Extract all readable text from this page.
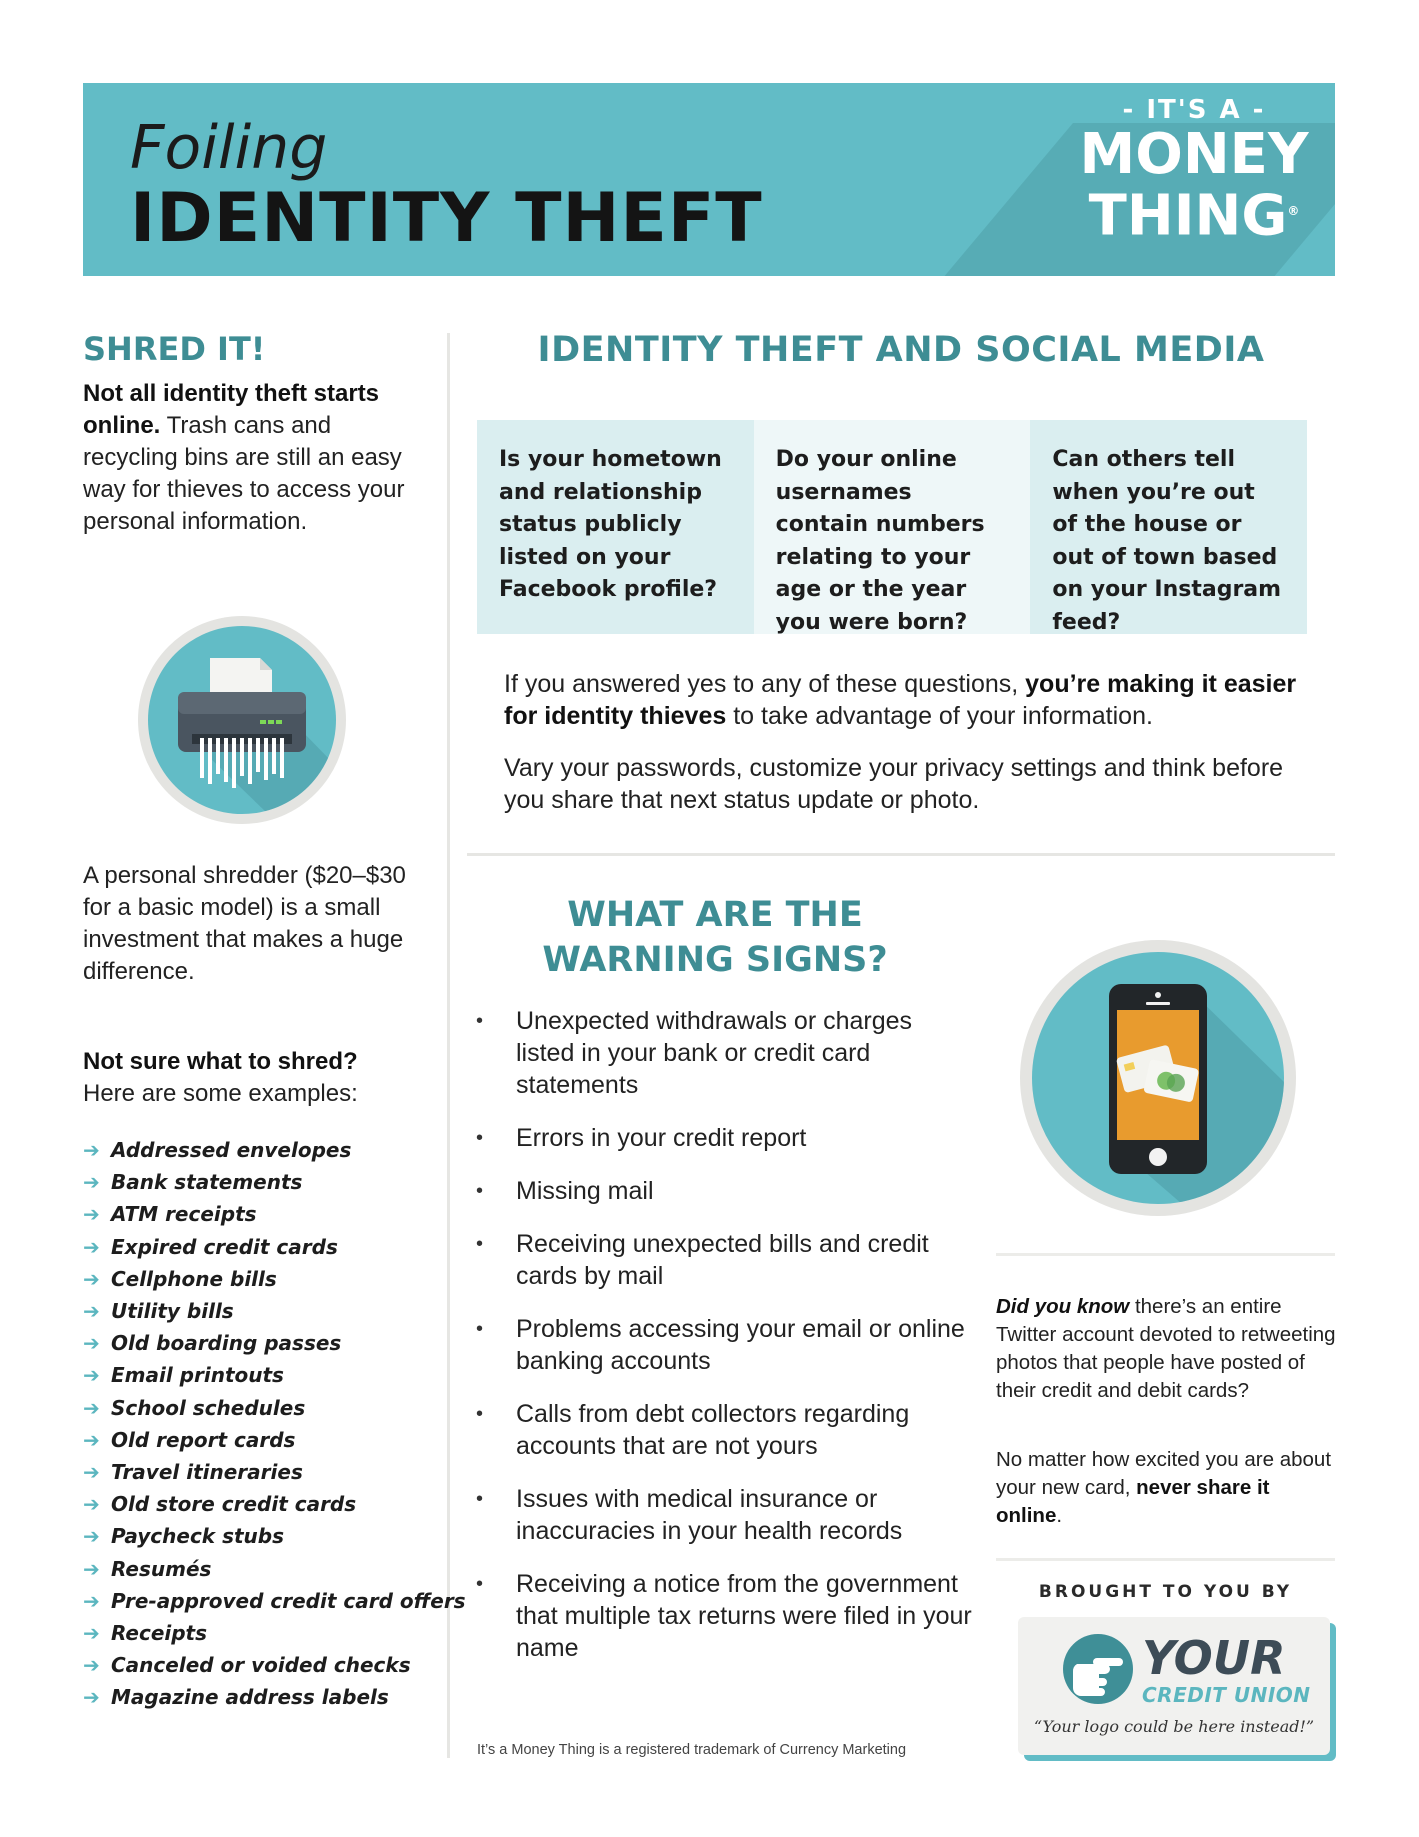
Foiling
IDENTITY THEFT
- IT'S A -
MONEY
THING®
SHRED IT!
Not all identity theft starts online. Trash cans and recycling bins are still an easy way for thieves to access your personal information.
A personal shredder ($20–$30 for a basic model) is a small investment that makes a huge difference.
Not sure what to shred?
Here are some examples:
➔ Addressed envelopes
➔ Bank statements
➔ ATM receipts
➔ Expired credit cards
➔ Cellphone bills
➔ Utility bills
➔ Old boarding passes
➔ Email printouts
➔ School schedules
➔ Old report cards
➔ Travel itineraries
➔ Old store credit cards
➔ Paycheck stubs
➔ Resumés
➔ Pre-approved credit card offers
➔ Receipts
➔ Canceled or voided checks
➔ Magazine address labels
IDENTITY THEFT AND SOCIAL MEDIA
Is your hometown and relationship status publicly listed on your Facebook profile?
Do your online usernames contain numbers relating to your age or the year you were born?
Can others tell when you’re out of the house or out of town based on your Instagram feed?
If you answered yes to any of these questions, you’re making it easier for identity thieves to take advantage of your information.
Vary your passwords, customize your privacy settings and think before you share that next status update or photo.
WHAT ARE THE
WARNING SIGNS?
• Unexpected withdrawals or charges listed in your bank or credit card statements
• Errors in your credit report
• Missing mail
• Receiving unexpected bills and credit cards by mail
• Problems accessing your email or online banking accounts
• Calls from debt collectors regarding accounts that are not yours
• Issues with medical insurance or inaccuracies in your health records
• Receiving a notice from the government that multiple tax returns were filed in your name
Did you know there’s an entire Twitter account devoted to retweeting photos that people have posted of their credit and debit cards?
No matter how excited you are about your new card, never share it online.
BROUGHT TO YOU BY
YOUR
CREDIT UNION
“Your logo could be here instead!”
It’s a Money Thing is a registered trademark of Currency Marketing
